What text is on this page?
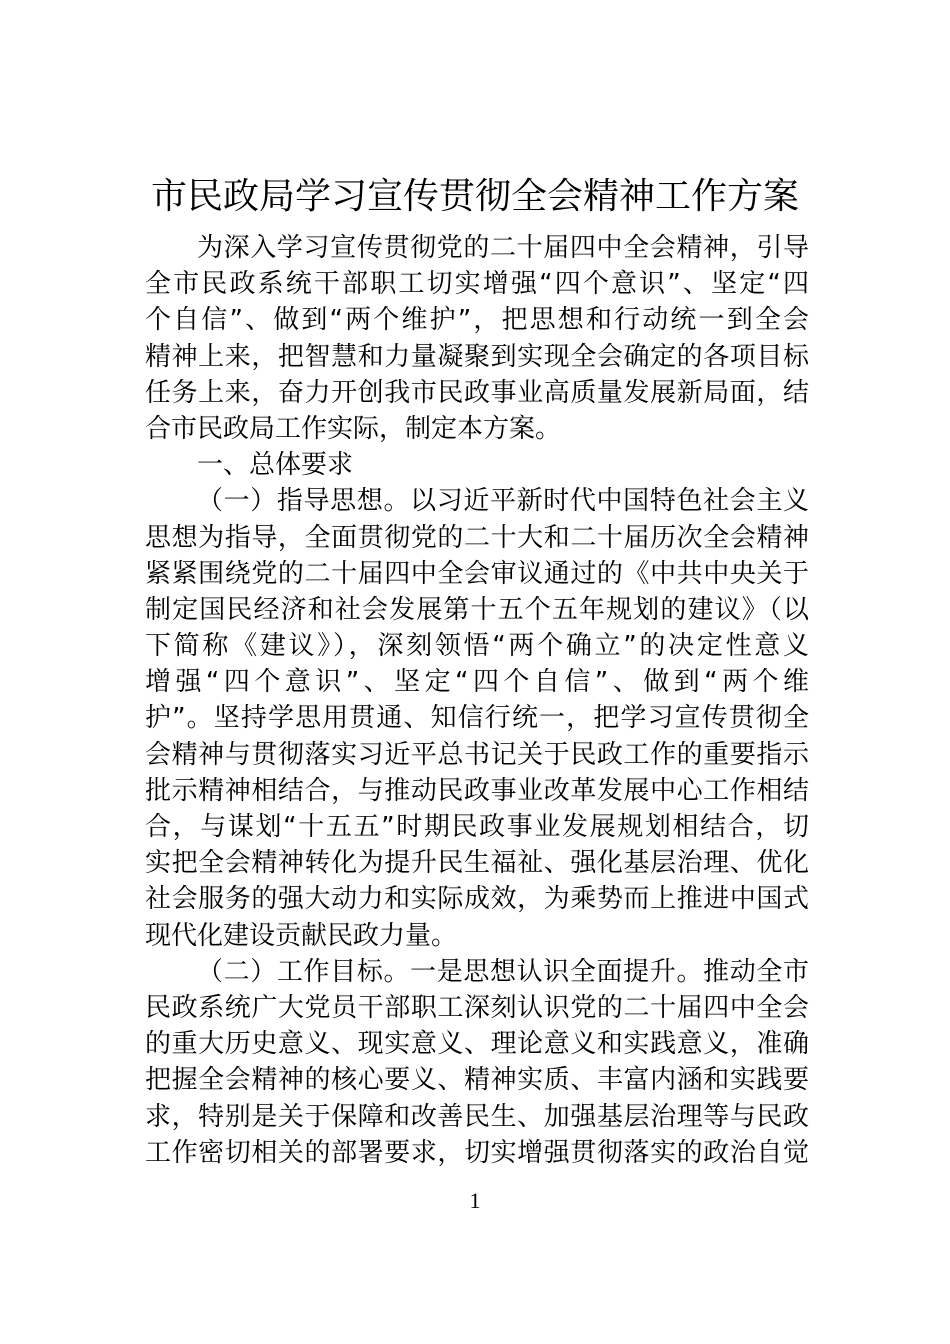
市民政局学习宣传贯彻全会精神工作方案
为深入学习宣传贯彻党的二十届四中全会精神，引导
全市民政系统干部职工切实增强“四个意识”、坚定“四
个自信”、做到“两个维护”，把思想和行动统一到全会
精神上来，把智慧和力量凝聚到实现全会确定的各项目标
任务上来，奋力开创我市民政事业高质量发展新局面，结
合市民政局工作实际，制定本方案。
一、总体要求
（一）指导思想。以习近平新时代中国特色社会主义
思想为指导，全面贯彻党的二十大和二十届历次全会精神
紧紧围绕党的二十届四中全会审议通过的《中共中央关于
制定国民经济和社会发展第十五个五年规划的建议》（以
下简称《建议》），深刻领悟“两个确立”的决定性意义
增强“四个意识”、坚定“四个自信”、做到“两个维
护”。坚持学思用贯通、知信行统一，把学习宣传贯彻全
会精神与贯彻落实习近平总书记关于民政工作的重要指示
批示精神相结合，与推动民政事业改革发展中心工作相结
合，与谋划“十五五”时期民政事业发展规划相结合，切
实把全会精神转化为提升民生福祉、强化基层治理、优化
社会服务的强大动力和实际成效，为乘势而上推进中国式
现代化建设贡献民政力量。
（二）工作目标。一是思想认识全面提升。推动全市
民政系统广大党员干部职工深刻认识党的二十届四中全会
的重大历史意义、现实意义、理论意义和实践意义，准确
把握全会精神的核心要义、精神实质、丰富内涵和实践要
求，特别是关于保障和改善民生、加强基层治理等与民政
工作密切相关的部署要求，切实增强贯彻落实的政治自觉
1
